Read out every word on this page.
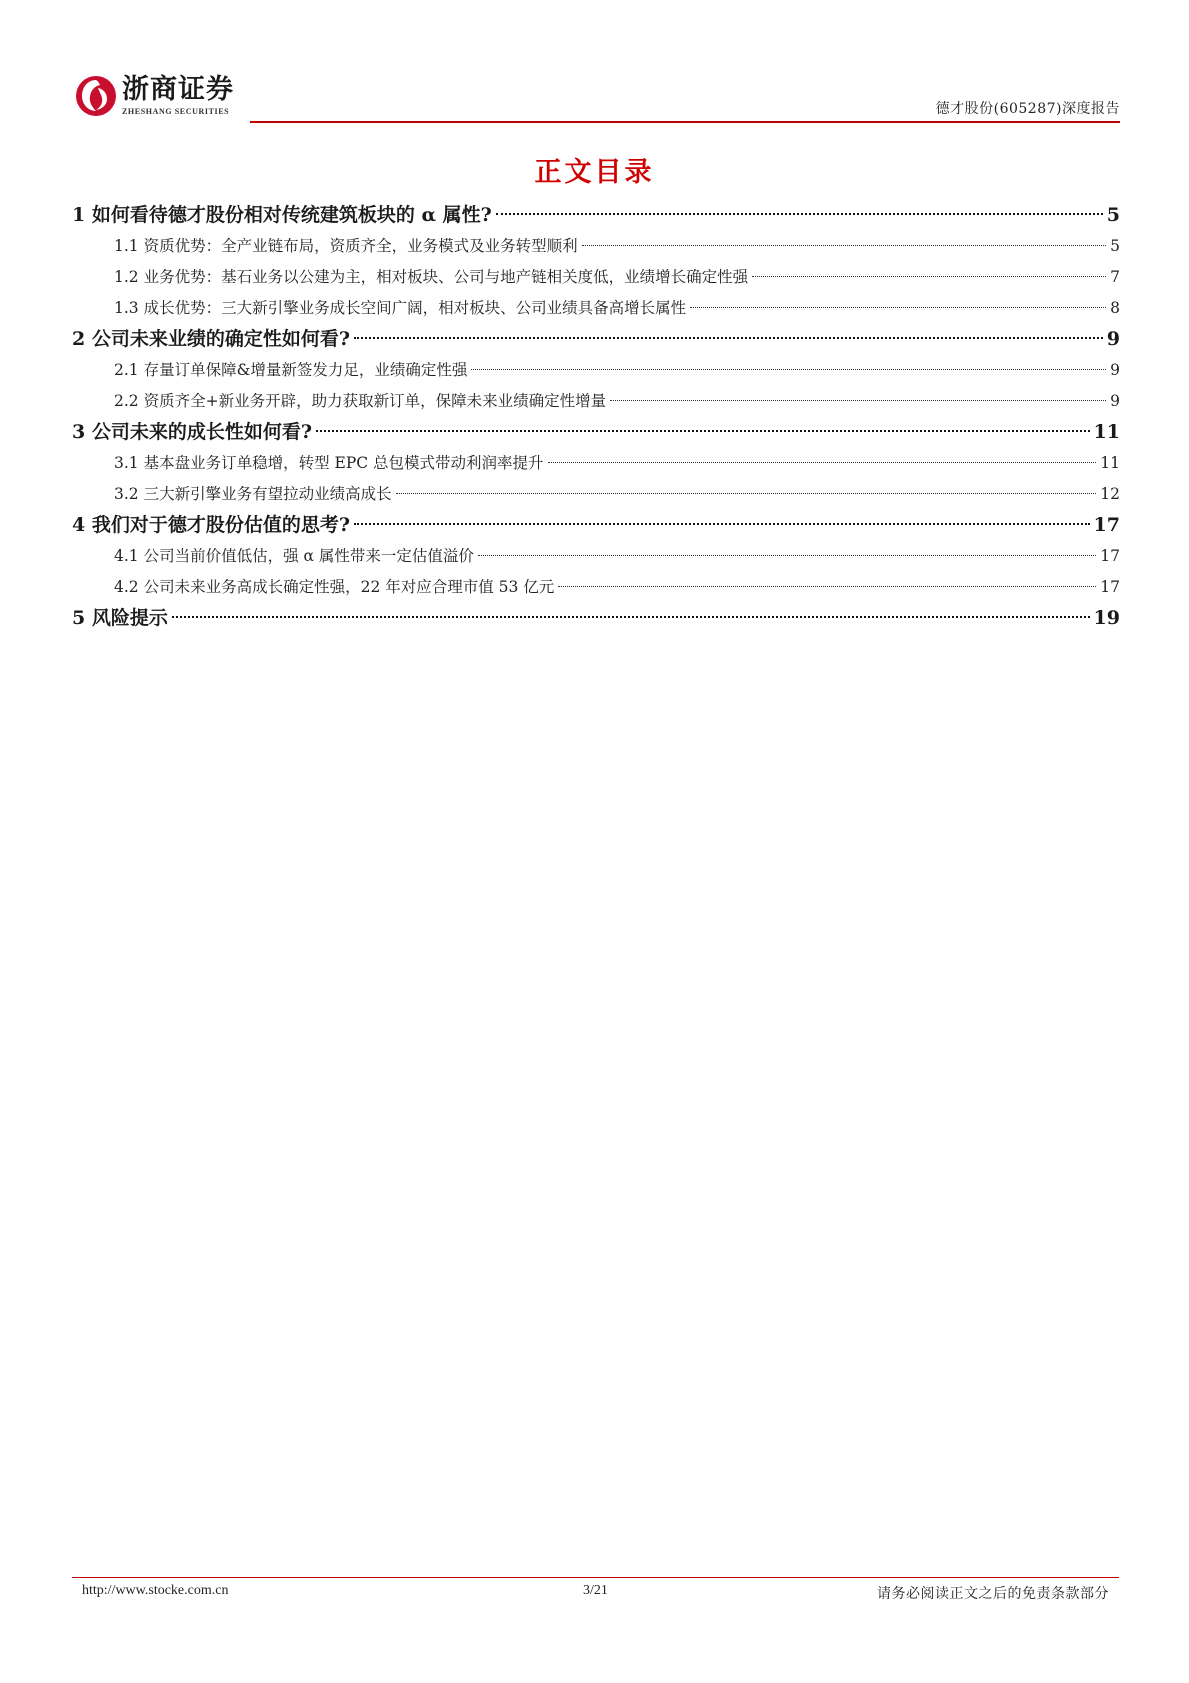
浙商证券
ZHESHANG SECURITIES	德才股份(605287)深度报告
正文目录
1 如何看待德才股份相对传统建筑板块的 α 属性?	5
1.1 资质优势：全产业链布局，资质齐全，业务模式及业务转型顺利	5
1.2 业务优势：基石业务以公建为主，相对板块、公司与地产链相关度低，业绩增长确定性强	7
1.3 成长优势：三大新引擎业务成长空间广阔，相对板块、公司业绩具备高增长属性	8
2 公司未来业绩的确定性如何看?	9
2.1 存量订单保障&增量新签发力足，业绩确定性强	9
2.2 资质齐全+新业务开辟，助力获取新订单，保障未来业绩确定性增量	9
3 公司未来的成长性如何看?	11
3.1 基本盘业务订单稳增，转型 EPC 总包模式带动利润率提升	11
3.2 三大新引擎业务有望拉动业绩高成长	12
4 我们对于德才股份估值的思考?	17
4.1 公司当前价值低估，强 α 属性带来一定估值溢价	17
4.2 公司未来业务高成长确定性强，22 年对应合理市值 53 亿元	17
5 风险提示	19
http://www.stocke.com.cn	3/21	请务必阅读正文之后的免责条款部分
